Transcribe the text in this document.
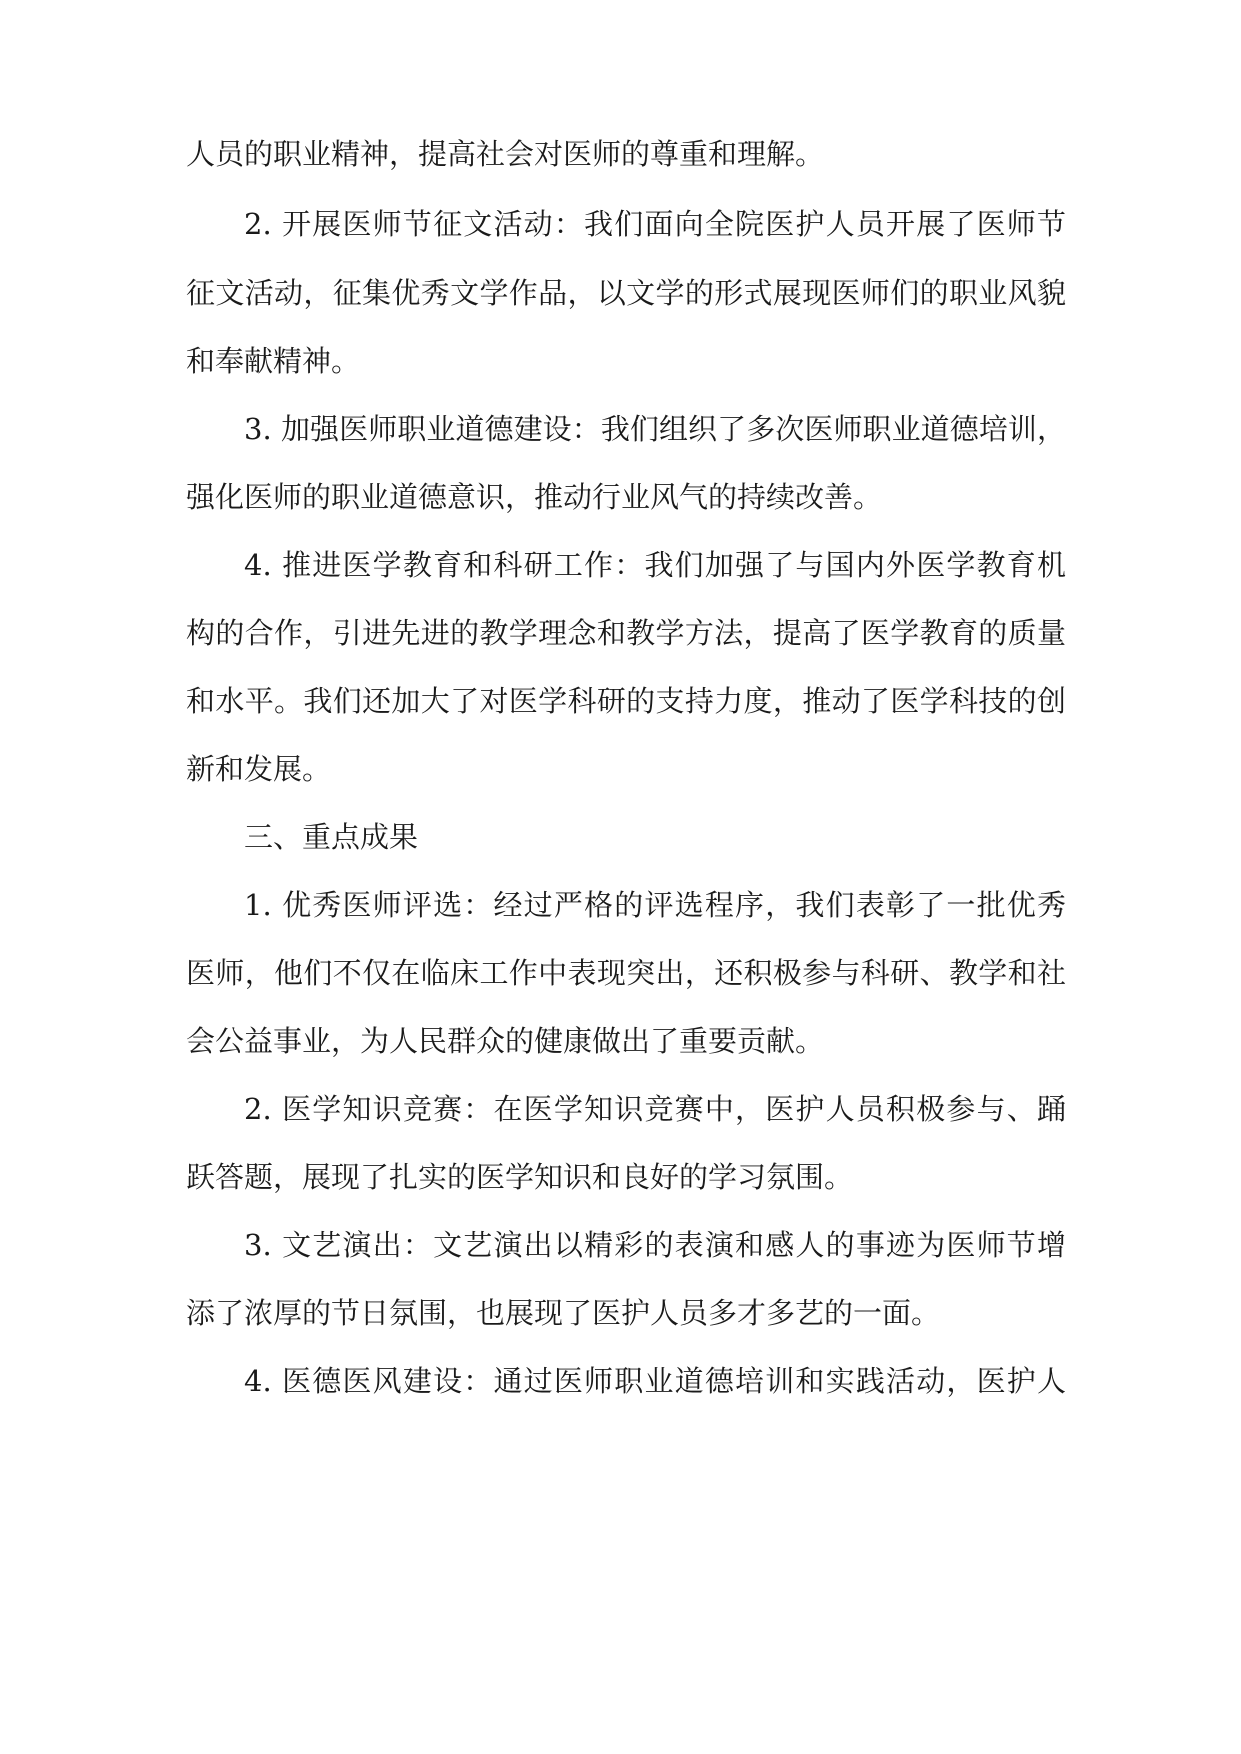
人员的职业精神，提高社会对医师的尊重和理解。
2. 开展医师节征文活动：我们面向全院医护人员开展了医师节
征文活动，征集优秀文学作品，以文学的形式展现医师们的职业风貌
和奉献精神。
3. 加强医师职业道德建设：我们组织了多次医师职业道德培训，
强化医师的职业道德意识，推动行业风气的持续改善。
4. 推进医学教育和科研工作：我们加强了与国内外医学教育机
构的合作，引进先进的教学理念和教学方法，提高了医学教育的质量
和水平。我们还加大了对医学科研的支持力度，推动了医学科技的创
新和发展。
三、重点成果
1. 优秀医师评选：经过严格的评选程序，我们表彰了一批优秀
医师，他们不仅在临床工作中表现突出，还积极参与科研、教学和社
会公益事业，为人民群众的健康做出了重要贡献。
2. 医学知识竞赛：在医学知识竞赛中，医护人员积极参与、踊
跃答题，展现了扎实的医学知识和良好的学习氛围。
3. 文艺演出：文艺演出以精彩的表演和感人的事迹为医师节增
添了浓厚的节日氛围，也展现了医护人员多才多艺的一面。
4. 医德医风建设：通过医师职业道德培训和实践活动，医护人
